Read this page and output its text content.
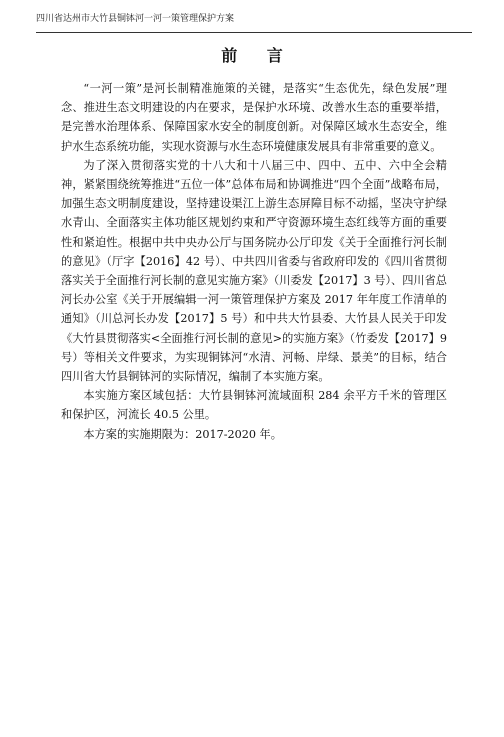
四川省达州市大竹县铜钵河一河一策管理保护方案
前 言

“一河一策”是河长制精准施策的关键，是落实“生态优先，绿色发展”理念、推进生态文明建设的内在要求，是保护水环境、改善水生态的重要举措，是完善水治理体系、保障国家水安全的制度创新。对保障区域水生态安全，维护水生态系统功能，实现水资源与水生态环境健康发展具有非常重要的意义。

为了深入贯彻落实党的十八大和十八届三中、四中、五中、六中全会精神，紧紧围绕统筹推进“五位一体”总体布局和协调推进“四个全面”战略布局，加强生态文明制度建设，坚持建设渠江上游生态屏障目标不动摇，坚决守护绿水青山、全面落实主体功能区规划约束和严守资源环境生态红线等方面的重要性和紧迫性。根据中共中央办公厅与国务院办公厅印发《关于全面推行河长制的意见》（厅字【2016】42 号）、中共四川省委与省政府印发的《四川省贯彻落实关于全面推行河长制的意见实施方案》（川委发【2017】3 号）、四川省总河长办公室《关于开展编辑一河一策管理保护方案及 2017 年年度工作清单的通知》（川总河长办发【2017】5 号）和中共大竹县委、大竹县人民关于印发《大竹县贯彻落实<全面推行河长制的意见>的实施方案》（竹委发【2017】9 号）等相关文件要求，为实现铜钵河“水清、河畅、岸绿、景美”的目标，结合四川省大竹县铜钵河的实际情况，编制了本实施方案。

本实施方案区域包括：大竹县铜钵河流域面积 284 余平方千米的管理区和保护区，河流长 40.5 公里。

本方案的实施期限为：2017-2020 年。
